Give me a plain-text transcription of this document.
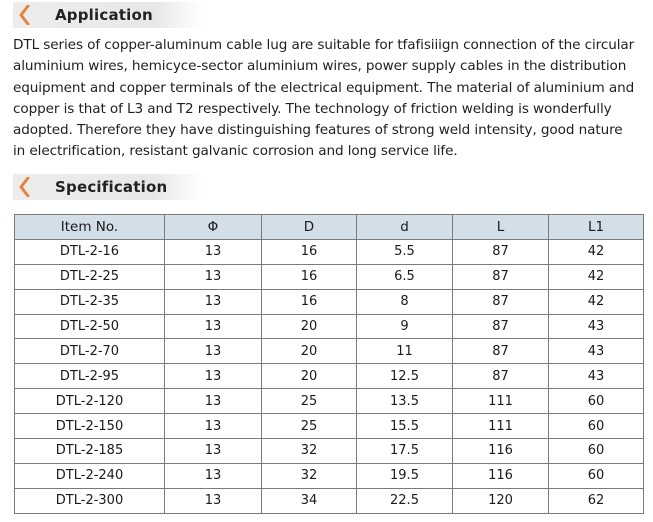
Application

DTL series of copper-aluminum cable lug are suitable for tfafisiiign connection of the circular
aluminium wires, hemicyce-sector aluminium wires, power supply cables in the distribution
equipment and copper terminals of the electrical equipment. The material of aluminium and
copper is that of L3 and T2 respectively. The technology of friction welding is wonderfully
adopted. Therefore they have distinguishing features of strong weld intensity, good nature
in electrification, resistant galvanic corrosion and long service life.

Specification
Item No.	Φ	D	d	L	L1
DTL-2-16	13	16	5.5	87	42
DTL-2-25	13	16	6.5	87	42
DTL-2-35	13	16	8	87	42
DTL-2-50	13	20	9	87	43
DTL-2-70	13	20	11	87	43
DTL-2-95	13	20	12.5	87	43
DTL-2-120	13	25	13.5	111	60
DTL-2-150	13	25	15.5	111	60
DTL-2-185	13	32	17.5	116	60
DTL-2-240	13	32	19.5	116	60
DTL-2-300	13	34	22.5	120	62
